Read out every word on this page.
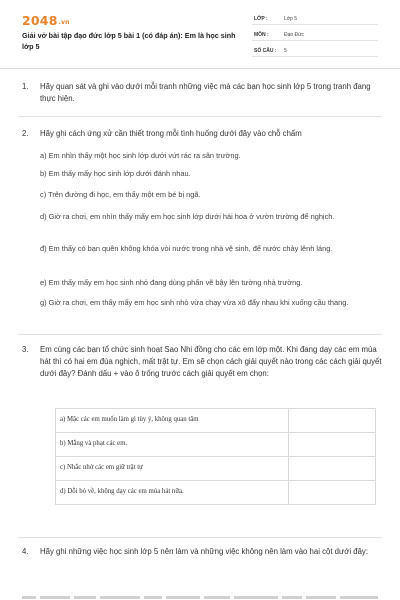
2048.vn
Giải vở bài tập đạo đức lớp 5 bài 1 (có đáp án): Em là học sinh lớp 5
LỚP :	Lớp 5
MÔN :	Đạo Đức
SỐ CÂU : 5
1. Hãy quan sát và ghi vào dưới mỗi tranh những việc mà các bạn học sinh lớp 5 trong tranh đang thực hiện.
2. Hãy ghi cách ứng xử cần thiết trong mỗi tình huống dưới đây vào chỗ chấm
a) Em nhìn thấy một học sinh lớp dưới vứt rác ra sân trường.
b) Em thấy mấy học sinh lớp dưới đánh nhau.
c) Trên đường đi học, em thấy một em bé bị ngã.
d) Giờ ra chơi, em nhìn thấy mấy em học sinh lớp dưới hái hoa ở vườn trường để nghịch.
đ) Em thấy có bạn quên không khóa vòi nước trong nhà vệ sinh, để nước chảy lênh láng.
e) Em thấy mấy em học sinh nhỏ đang dùng phấn vẽ bậy lên tường nhà trường.
g) Giờ ra chơi, em thấy mấy em học sinh nhỏ vừa chạy vừa xô đẩy nhau khi xuống cầu thang.
3. Em cùng các bạn tổ chức sinh hoạt Sao Nhi đồng cho các em lớp một. Khi đang dạy các em múa hát thì có hai em đùa nghịch, mất trật tự. Em sẽ chọn cách giải quyết nào trong các cách giải quyết dưới đây? Đánh dấu + vào ô trống trước cách giải quyết em chọn:
a) Mặc các em muốn làm gì tùy ý, không quan tâm
b) Mắng và phạt các em.
c) Nhắc nhở các em giữ trật tự
d) Dỗi bỏ về, không dạy các em múa hát nữa.
4. Hãy ghi những việc học sinh lớp 5 nên làm và những việc không nên làm vào hai cột dưới đây:
